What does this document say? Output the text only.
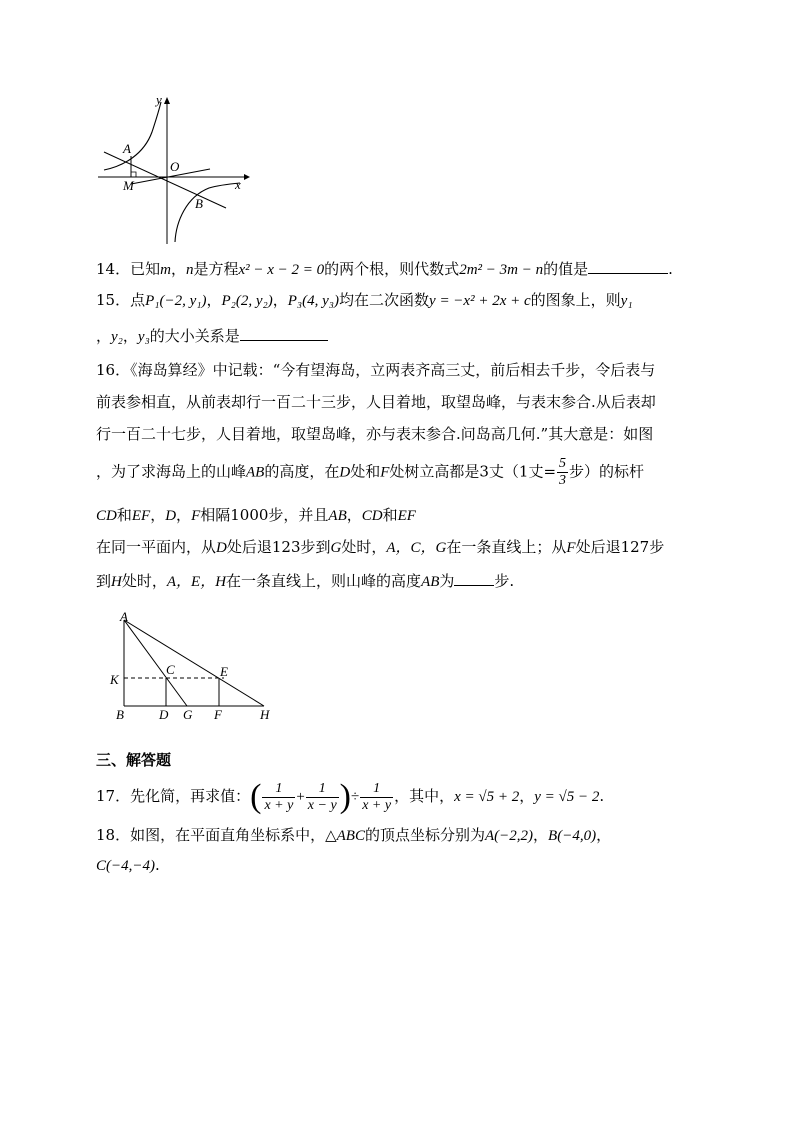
y
x
A
O
M
B
14．已知m，n是方程x² − x − 2 = 0的两个根，则代数式2m² − 3m − n的值是	.
15．点P₁(−2, y₁)，P₂(2, y₂)，P₃(4, y₃)均在二次函数y = −x² + 2x + c的图象上，则y₁
，y₂，y₃的大小关系是
16．《海岛算经》中记载：“今有望海岛，立两表齐高三丈，前后相去千步，令后表与
前表参相直，从前表却行一百二十三步，人目着地，取望岛峰，与表末参合.从后表却
行一百二十七步，人目着地，取望岛峰，亦与表末参合.问岛高几何.”其大意是：如图
，为了求海岛上的山峰AB的高度，在D处和F处树立高都是3丈（1丈= $\frac{5}{3}$ 步）的标杆
CD和EF，D，F相隔1000步，并且AB，CD和EF
在同一平面内，从D处后退123步到G处时，A，C，G在一条直线上；从F处后退127步
到H处时，A，E，H在一条直线上，则山峰的高度AB为	步.
A
K
C	E
B	D G F	H
三、解答题
17．先化简，再求值：( $\frac{1}{x + y} + \frac{1}{x - y}$ )÷ $\frac{1}{x + y}$ ，其中，x = √5 + 2，y = √5 − 2.
18．如图，在平面直角坐标系中，△ABC的顶点坐标分别为A(−2,2)，B(−4,0)，
C(−4,−4).
